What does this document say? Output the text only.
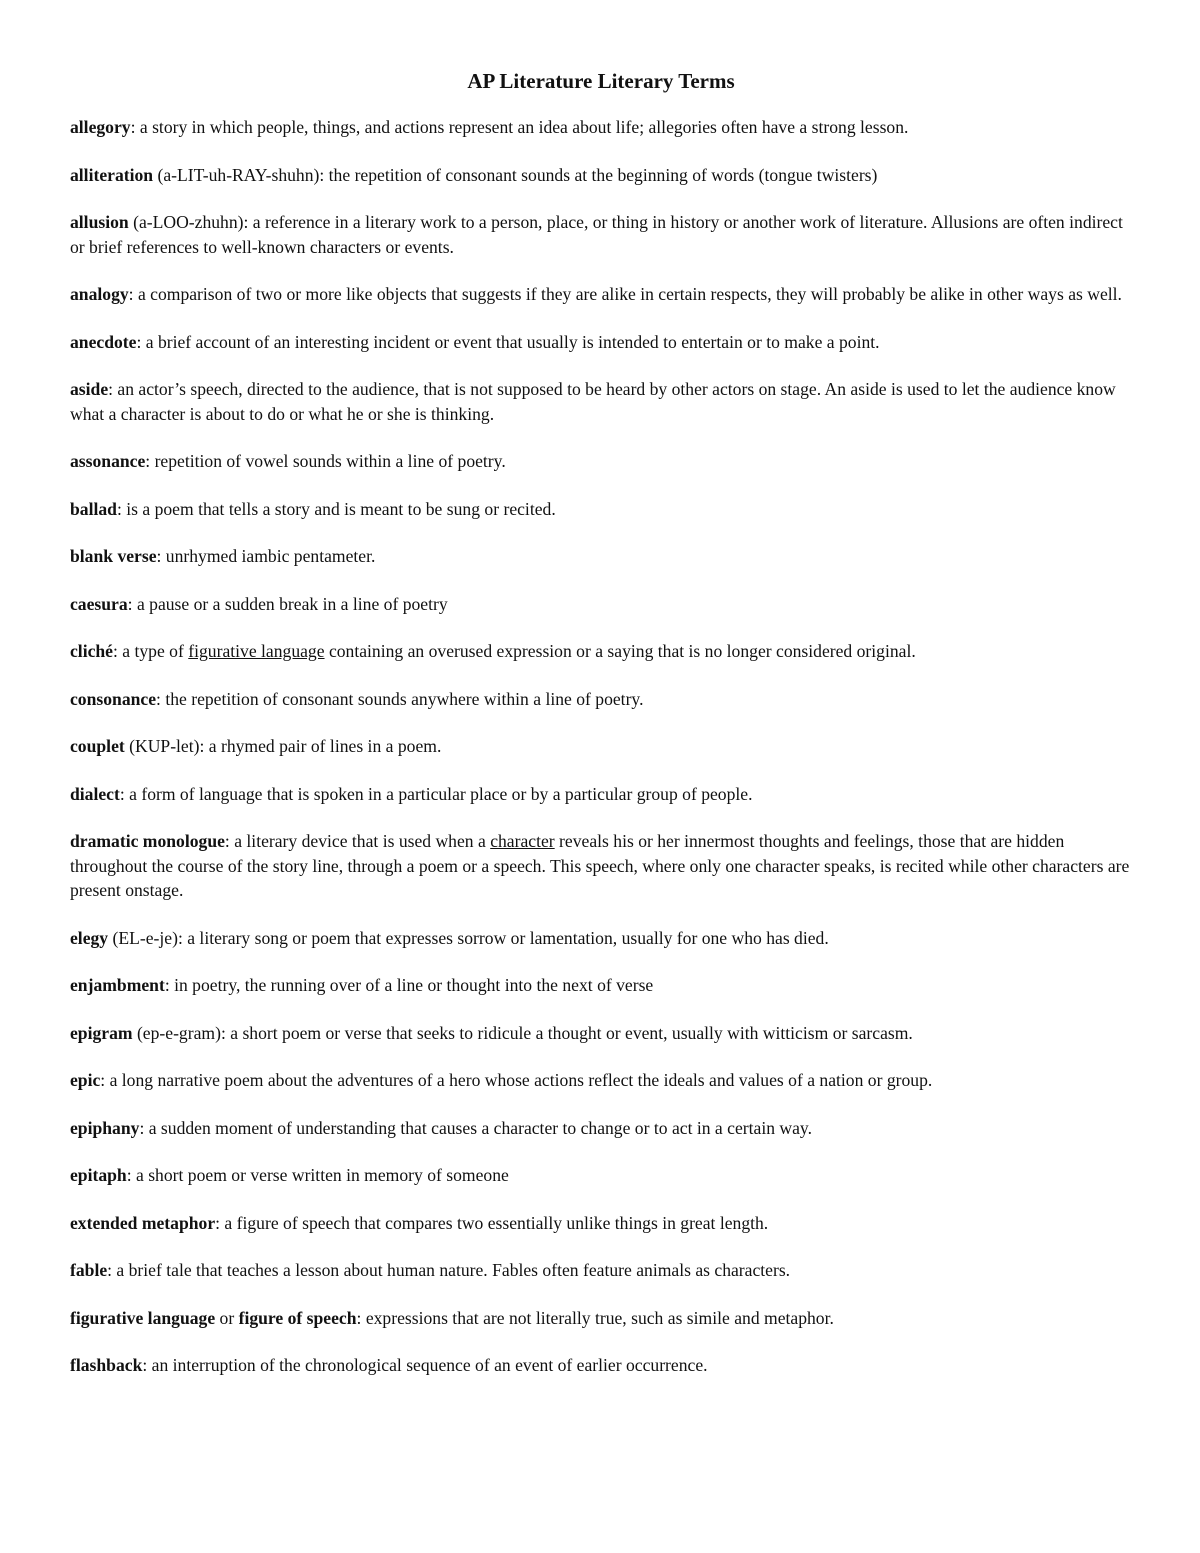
AP Literature Literary Terms

allegory: a story in which people, things, and actions represent an idea about life; allegories often have a strong lesson.

alliteration (a-LIT-uh-RAY-shuhn): the repetition of consonant sounds at the beginning of words (tongue twisters)

allusion (a-LOO-zhuhn): a reference in a literary work to a person, place, or thing in history or another work of literature. Allusions are often indirect or brief references to well-known characters or events.

analogy: a comparison of two or more like objects that suggests if they are alike in certain respects, they will probably be alike in other ways as well.

anecdote: a brief account of an interesting incident or event that usually is intended to entertain or to make a point.

aside: an actor’s speech, directed to the audience, that is not supposed to be heard by other actors on stage. An aside is used to let the audience know what a character is about to do or what he or she is thinking.

assonance: repetition of vowel sounds within a line of poetry.

ballad: is a poem that tells a story and is meant to be sung or recited.

blank verse: unrhymed iambic pentameter.

caesura: a pause or a sudden break in a line of poetry

cliché: a type of figurative language containing an overused expression or a saying that is no longer considered original.

consonance: the repetition of consonant sounds anywhere within a line of poetry.

couplet (KUP-let): a rhymed pair of lines in a poem.

dialect: a form of language that is spoken in a particular place or by a particular group of people.

dramatic monologue: a literary device that is used when a character reveals his or her innermost thoughts and feelings, those that are hidden throughout the course of the story line, through a poem or a speech. This speech, where only one character speaks, is recited while other characters are present onstage.

elegy (EL-e-je): a literary song or poem that expresses sorrow or lamentation, usually for one who has died.

enjambment: in poetry, the running over of a line or thought into the next of verse

epigram (ep-e-gram): a short poem or verse that seeks to ridicule a thought or event, usually with witticism or sarcasm.

epic: a long narrative poem about the adventures of a hero whose actions reflect the ideals and values of a nation or group.

epiphany: a sudden moment of understanding that causes a character to change or to act in a certain way.

epitaph: a short poem or verse written in memory of someone

extended metaphor: a figure of speech that compares two essentially unlike things in great length.

fable: a brief tale that teaches a lesson about human nature. Fables often feature animals as characters.

figurative language or figure of speech: expressions that are not literally true, such as simile and metaphor.

flashback: an interruption of the chronological sequence of an event of earlier occurrence.
